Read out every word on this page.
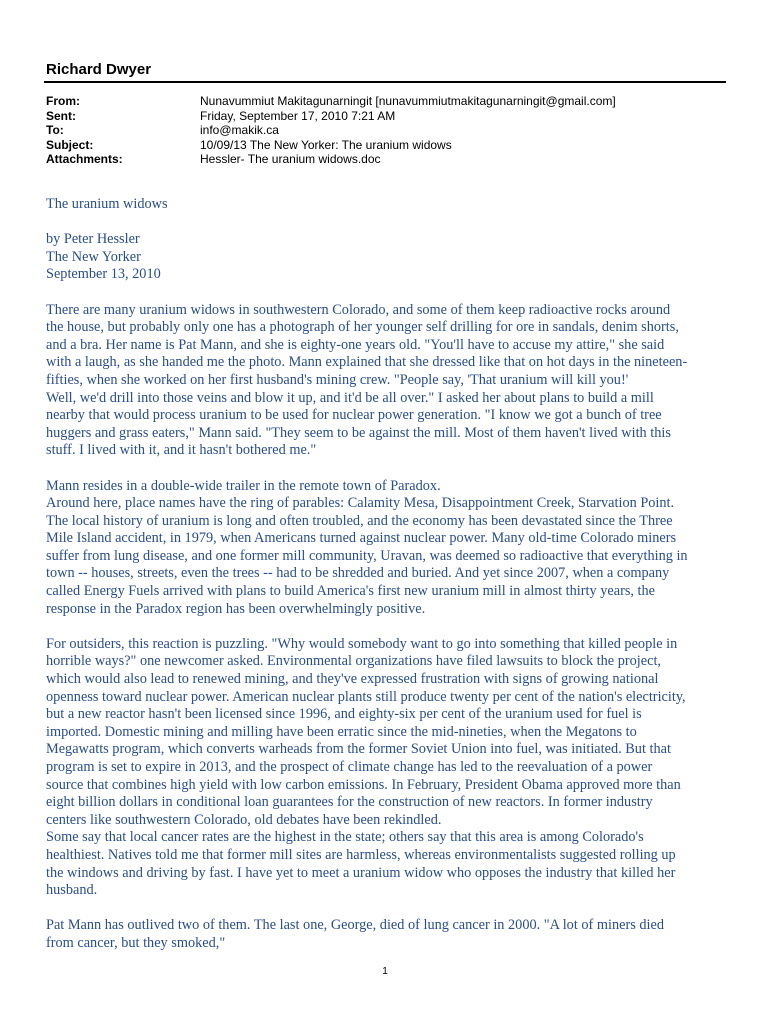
Richard Dwyer
From:	Nunavummiut Makitagunarningit [nunavummiutmakitagunarningit@gmail.com]
Sent:	Friday, September 17, 2010 7:21 AM
To:	info@makik.ca
Subject:	10/09/13 The New Yorker: The uranium widows
Attachments:	Hessler- The uranium widows.doc

The uranium widows

by Peter Hessler
The New Yorker
September 13, 2010

There are many uranium widows in southwestern Colorado, and some of them keep radioactive rocks around
the house, but probably only one has a photograph of her younger self drilling for ore in sandals, denim shorts,
and a bra. Her name is Pat Mann, and she is eighty-one years old. "You'll have to accuse my attire," she said
with a laugh, as she handed me the photo. Mann explained that she dressed like that on hot days in the nineteen-
fifties, when she worked on her first husband's mining crew. "People say, 'That uranium will kill you!'
Well, we'd drill into those veins and blow it up, and it'd be all over." I asked her about plans to build a mill
nearby that would process uranium to be used for nuclear power generation. "I know we got a bunch of tree
huggers and grass eaters," Mann said. "They seem to be against the mill. Most of them haven't lived with this
stuff. I lived with it, and it hasn't bothered me."

Mann resides in a double-wide trailer in the remote town of Paradox.
Around here, place names have the ring of parables: Calamity Mesa, Disappointment Creek, Starvation Point.
The local history of uranium is long and often troubled, and the economy has been devastated since the Three
Mile Island accident, in 1979, when Americans turned against nuclear power. Many old-time Colorado miners
suffer from lung disease, and one former mill community, Uravan, was deemed so radioactive that everything in
town -- houses, streets, even the trees -- had to be shredded and buried. And yet since 2007, when a company
called Energy Fuels arrived with plans to build America's first new uranium mill in almost thirty years, the
response in the Paradox region has been overwhelmingly positive.

For outsiders, this reaction is puzzling. "Why would somebody want to go into something that killed people in
horrible ways?" one newcomer asked. Environmental organizations have filed lawsuits to block the project,
which would also lead to renewed mining, and they've expressed frustration with signs of growing national
openness toward nuclear power. American nuclear plants still produce twenty per cent of the nation's electricity,
but a new reactor hasn't been licensed since 1996, and eighty-six per cent of the uranium used for fuel is
imported. Domestic mining and milling have been erratic since the mid-nineties, when the Megatons to
Megawatts program, which converts warheads from the former Soviet Union into fuel, was initiated. But that
program is set to expire in 2013, and the prospect of climate change has led to the reevaluation of a power
source that combines high yield with low carbon emissions. In February, President Obama approved more than
eight billion dollars in conditional loan guarantees for the construction of new reactors. In former industry
centers like southwestern Colorado, old debates have been rekindled.
Some say that local cancer rates are the highest in the state; others say that this area is among Colorado's
healthiest. Natives told me that former mill sites are harmless, whereas environmentalists suggested rolling up
the windows and driving by fast. I have yet to meet a uranium widow who opposes the industry that killed her
husband.

Pat Mann has outlived two of them. The last one, George, died of lung cancer in 2000. "A lot of miners died
from cancer, but they smoked,"

1
